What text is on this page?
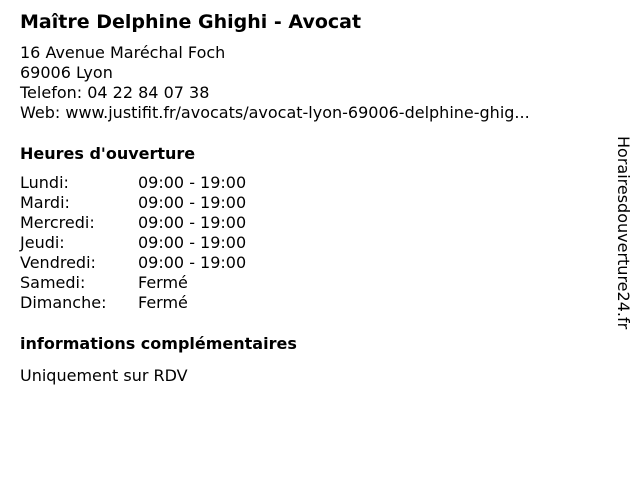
Maître Delphine Ghighi - Avocat
16 Avenue Maréchal Foch
69006 Lyon
Telefon: 04 22 84 07 38
Web: www.justifit.fr/avocats/avocat-lyon-69006-delphine-ghig...
Heures d'ouverture
Lundi:	09:00 - 19:00
Mardi:	09:00 - 19:00
Mercredi:	09:00 - 19:00
Jeudi:	09:00 - 19:00
Vendredi:	09:00 - 19:00
Samedi:	Fermé
Dimanche:	Fermé
informations complémentaires
Uniquement sur RDV
Horairesdouverture24.fr
